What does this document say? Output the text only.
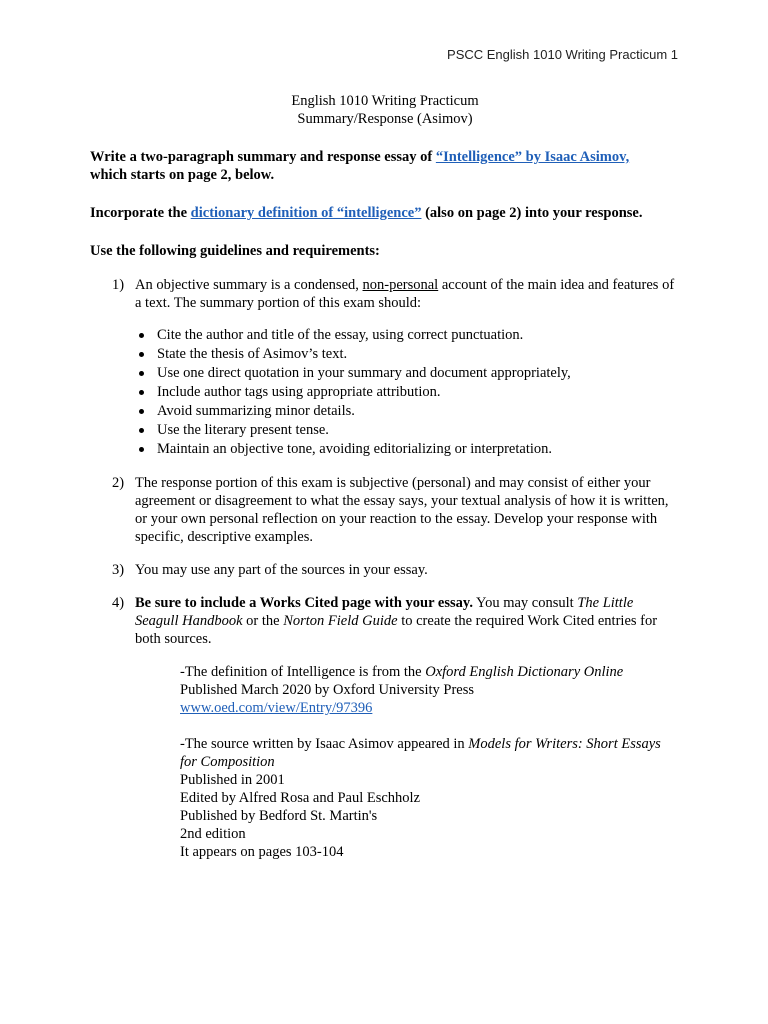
PSCC English 1010 Writing Practicum 1
English 1010 Writing Practicum
Summary/Response (Asimov)
Write a two-paragraph summary and response essay of “Intelligence” by Isaac Asimov,
which starts on page 2, below.
Incorporate the dictionary definition of “intelligence” (also on page 2) into your response.
Use the following guidelines and requirements:
1) An objective summary is a condensed, non-personal account of the main idea and features of a text. The summary portion of this exam should:
Cite the author and title of the essay, using correct punctuation.
State the thesis of Asimov’s text.
Use one direct quotation in your summary and document appropriately,
Include author tags using appropriate attribution.
Avoid summarizing minor details.
Use the literary present tense.
Maintain an objective tone, avoiding editorializing or interpretation.
2) The response portion of this exam is subjective (personal) and may consist of either your agreement or disagreement to what the essay says, your textual analysis of how it is written, or your own personal reflection on your reaction to the essay. Develop your response with specific, descriptive examples.
3) You may use any part of the sources in your essay.
4) Be sure to include a Works Cited page with your essay. You may consult The Little Seagull Handbook or the Norton Field Guide to create the required Work Cited entries for both sources.
-The definition of Intelligence is from the Oxford English Dictionary Online
Published March 2020 by Oxford University Press
www.oed.com/view/Entry/97396
-The source written by Isaac Asimov appeared in Models for Writers: Short Essays for Composition
Published in 2001
Edited by Alfred Rosa and Paul Eschholz
Published by Bedford St. Martin's
2nd edition
It appears on pages 103-104
